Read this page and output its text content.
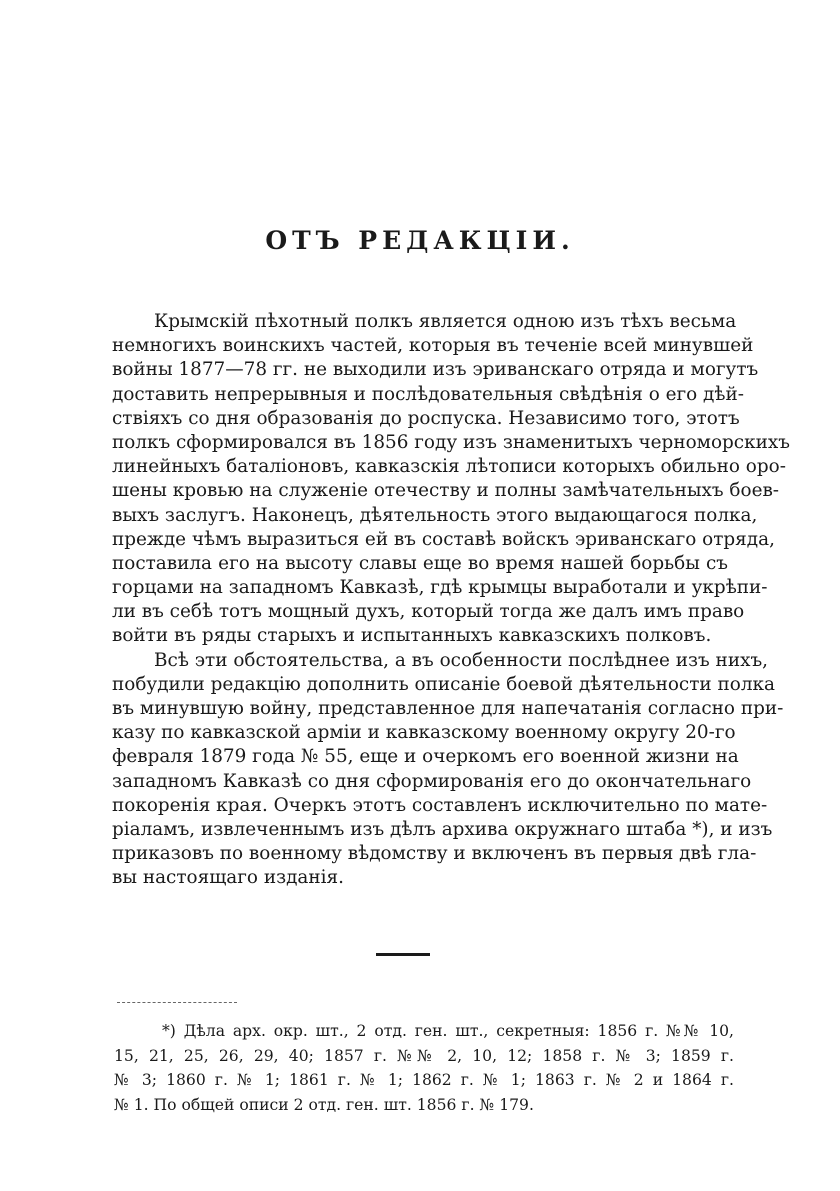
ОТЪ РЕДАКЦІИ.

Крымскій пѣхотный полкъ является одною изъ тѣхъ весьма
немногихъ воинскихъ частей, которыя въ теченіе всей минувшей
войны 1877—78 гг. не выходили изъ эриванскаго отряда и могутъ
доставить непрерывныя и послѣдовательныя свѣдѣнія о его дѣй-
ствіяхъ со дня образованія до роспуска. Независимо того, этотъ
полкъ сформировался въ 1856 году изъ знаменитыхъ черноморскихъ
линейныхъ баталіоновъ, кавказскія лѣтописи которыхъ обильно оро-
шены кровью на служеніе отечеству и полны замѣчательныхъ боев-
выхъ заслугъ. Наконецъ, дѣятельность этого выдающагося полка,
прежде чѣмъ выразиться ей въ составѣ войскъ эриванскаго отряда,
поставила его на высоту славы еще во время нашей борьбы съ
горцами на западномъ Кавказѣ, гдѣ крымцы выработали и укрѣпи-
ли въ себѣ тотъ мощный духъ, который тогда же далъ имъ право
войти въ ряды старыхъ и испытанныхъ кавказскихъ полковъ.

Всѣ эти обстоятельства, а въ особенности послѣднее изъ нихъ,
побудили редакцію дополнить описаніе боевой дѣятельности полка
въ минувшую войну, представленное для напечатанія согласно при-
казу по кавказской арміи и кавказскому военному округу 20-го
февраля 1879 года № 55, еще и очеркомъ его военной жизни на
западномъ Кавказѣ со дня сформированія его до окончательнаго
покоренія края. Очеркъ этотъ составленъ исключительно по мате-
ріаламъ, извлеченнымъ изъ дѣлъ архива окружнаго штаба *), и изъ
приказовъ по военному вѣдомству и включенъ въ первыя двѣ гла-
вы настоящаго изданія.

*) Дѣла арх. окр. шт., 2 отд. ген. шт., секретныя: 1856 г. №№ 10,
15, 21, 25, 26, 29, 40; 1857 г. №№ 2, 10, 12; 1858 г. № 3; 1859 г.
№ 3; 1860 г. № 1; 1861 г. № 1; 1862 г. № 1; 1863 г. № 2 и 1864 г.
№ 1. По общей описи 2 отд. ген. шт. 1856 г. № 179.
